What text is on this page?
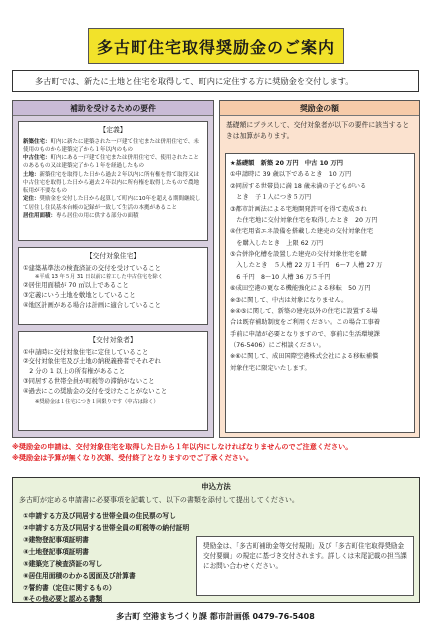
多古町住宅取得奨励金のご案内
多古町では、新たに土地と住宅を取得して、町内に定住する方に奨励金を交付します。
補助を受けるための要件
【定義】
新築住宅：町内に新たに建築された一戸建て住宅または併用住宅で、未使用のものから建築完了から１年以内のもの
中古住宅：町内にある一戸建て住宅または併用住宅で、使用されたことのあるもの又は建築完了から１年を経過したもの
土地：新築住宅を取得した日から過去２年以内に所有権を得て取得又は中古住宅を取得した日から過去２年以内に所有権を取得したもので農地転用が不要なもの
定住：奨励金を交付した日から起算して町内に10年を超える期間継続して居住し住民基本台帳の記録が一致して生活の本拠があること
居住用面積：専ら居住の用に供する部分の面積
【交付対象住宅】
①建築基準法の検査済証の交付を受けていること
※平成 13 年５月 31 日以前に着工した中古住宅を除く
②居住用面積が 70 ㎡以上であること
③定義にいう土地を敷地としていること
④地区計画がある場合は計画に適合していること
【交付対象者】
①申請時に交付対象住宅に定住していること
②交付対象住宅及び土地の納税義務者でそれぞれ
　2 分の 1 以上の所有権があること
③同居する世帯全員が町税等の滞納がないこと
④過去にこの奨励金の交付を受けたことがないこと
※奨励金は１住宅につき１回限りです（中古は除く）
奨励金の額
基礎額にプラスして、交付対象者が以下の要件に該当するときは加算があります。
★基礎額　新築 20 万円　中古 10 万円
①申請時に 39 歳以下であるとき　10 万円
②同居する世帯員に満 18 歳未満の子どもがいる
　とき　子１人につき５万円
③都市計画法による宅地開発許可を得て造成され
　た住宅地に交付対象住宅を取得したとき　20 万円
④住宅用省エネ設備を搭載した建売の交付対象住宅
　を購入したとき　上限 62 万円
⑤合併浄化槽を設置した建売の交付対象住宅を購
　入したとき　５人槽 22 万１千円　6〜7 人槽 27 万
　6 千円　8〜10 人槽 36 万５千円
⑥成田空港の更なる機能強化による移転　50 万円
※③に関して、中古は対象になりません。
※④⑤に関して、新築の建売以外の住宅に設置する場
合は既存補助制度をご利用ください。この場合工事着
手前に申請が必要となりますので、事前に生活環境課
（76-5406）にご相談ください。
※⑥に関して、成田国際空港株式会社による移転補償
対象住宅に限定いたします。
※奨励金の申請は、交付対象住宅を取得した日から１年以内にしなければなりませんのでご注意ください。
※奨励金は予算が無くなり次第、受付終了となりますのでご了承ください。
申込方法
多古町が定める申請書に必要事項を記載して、以下の書類を添付して提出してください。
①申請する方及び同居する世帯全員の住民票の写し
②申請する方及び同居する世帯全員の町税等の納付証明
③建物登記事項証明書
④土地登記事項証明書
⑤建築完了検査済証の写し
⑥居住用面積のわかる図面及び計算書
⑦誓約書（定住に関するもの）
⑧その他必要と認める書類
奨励金は、「多古町補助金等交付規則」及び「多古町住宅取得奨励金交付要綱」の規定に基づき交付されます。詳しくは末尾記載の担当課にお問い合わせください。
多古町 空港まちづくり課 都市計画係 0479-76-5408
